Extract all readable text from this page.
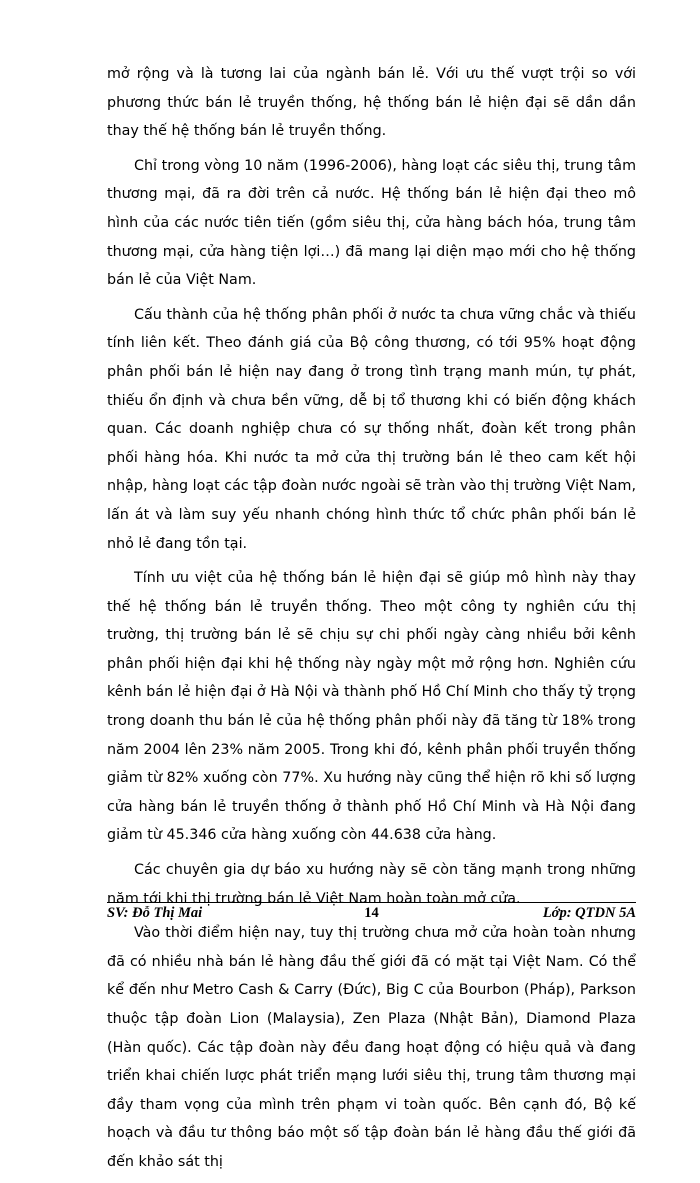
mở rộng và là tương lai của ngành bán lẻ. Với ưu thế vượt trội so với phương thức bán lẻ truyền thống, hệ thống bán lẻ hiện đại sẽ dần dần thay thế hệ thống bán lẻ truyền thống.

Chỉ trong vòng 10 năm (1996-2006), hàng loạt các siêu thị, trung tâm thương mại, đã ra đời trên cả nước. Hệ thống bán lẻ hiện đại theo mô hình của các nước tiên tiến (gồm siêu thị, cửa hàng bách hóa, trung tâm thương mại, cửa hàng tiện lợi…) đã mang lại diện mạo mới cho hệ thống bán lẻ của Việt Nam.

Cấu thành của hệ thống phân phối ở nước ta chưa vững chắc và thiếu tính liên kết. Theo đánh giá của Bộ công thương, có tới 95% hoạt động phân phối bán lẻ hiện nay đang ở trong tình trạng manh mún, tự phát, thiếu ổn định và chưa bền vững, dễ bị tổ thương khi có biến động khách quan. Các doanh nghiệp chưa có sự thống nhất, đoàn kết trong phân phối hàng hóa. Khi nước ta mở cửa thị trường bán lẻ theo cam kết hội nhập, hàng loạt các tập đoàn nước ngoài sẽ tràn vào thị trường Việt Nam, lấn át và làm suy yếu nhanh chóng hình thức tổ chức phân phối bán lẻ nhỏ lẻ đang tồn tại.

Tính ưu việt của hệ thống bán lẻ hiện đại sẽ giúp mô hình này thay thế hệ thống bán lẻ truyền thống. Theo một công ty nghiên cứu thị trường, thị trường bán lẻ sẽ chịu sự chi phối ngày càng nhiều bởi kênh phân phối hiện đại khi hệ thống này ngày một mở rộng hơn. Nghiên cứu kênh bán lẻ hiện đại ở Hà Nội và thành phố Hồ Chí Minh cho thấy tỷ trọng trong doanh thu bán lẻ của hệ thống phân phối này đã tăng từ 18% trong năm 2004 lên 23% năm 2005. Trong khi đó, kênh phân phối truyền thống giảm từ 82% xuống còn 77%. Xu hướng này cũng thể hiện rõ khi số lượng cửa hàng bán lẻ truyền thống ở thành phố Hồ Chí Minh và Hà Nội đang giảm từ 45.346 cửa hàng xuống còn 44.638 cửa hàng.

Các chuyên gia dự báo xu hướng này sẽ còn tăng mạnh trong những năm tới khi thị trường bán lẻ Việt Nam hoàn toàn mở cửa.

Vào thời điểm hiện nay, tuy thị trường chưa mở cửa hoàn toàn nhưng đã có nhiều nhà bán lẻ hàng đầu thế giới đã có mặt tại Việt Nam. Có thể kể đến như Metro Cash & Carry (Đức), Big C của Bourbon (Pháp), Parkson thuộc tập đoàn Lion (Malaysia), Zen Plaza (Nhật Bản), Diamond Plaza (Hàn quốc). Các tập đoàn này đều đang hoạt động có hiệu quả và đang triển khai chiến lược phát triển mạng lưới siêu thị, trung tâm thương mại đầy tham vọng của mình trên phạm vi toàn quốc. Bên cạnh đó, Bộ kế hoạch và đầu tư thông báo một số tập đoàn bán lẻ hàng đầu thế giới đã đến khảo sát thị

SV: Đỗ Thị Mai	14	Lớp: QTDN 5A
